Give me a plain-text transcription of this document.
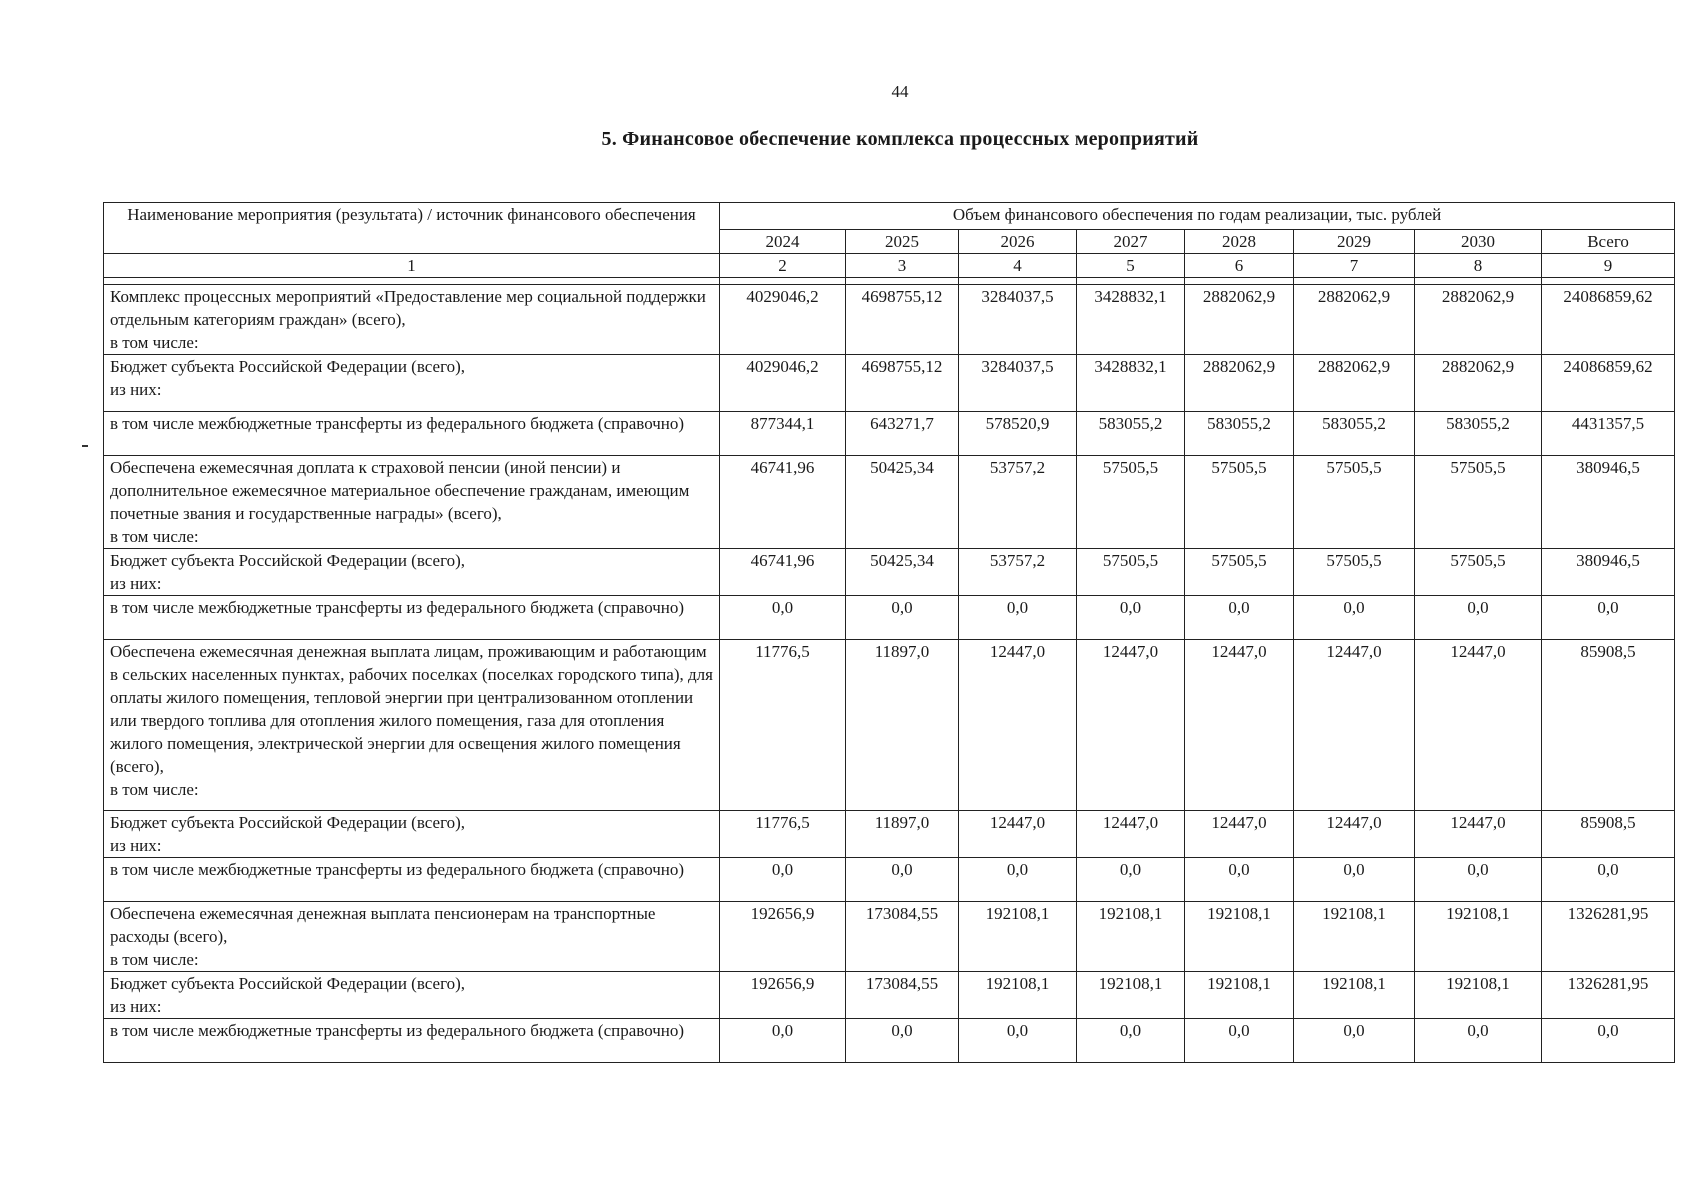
44
5. Финансовое обеспечение комплекса процессных мероприятий
Наименование мероприятия (результата) / источник финансового обеспечения	Объем финансового обеспечения по годам реализации, тыс. рублей							
	2024	2025	2026	2027	2028	2029	2030	Всего
1	2	3	4	5	6	7	8	9

Комплекс процессных мероприятий «Предоставление мер социальной поддержки отдельным категориям граждан» (всего),
в том числе:	4029046,2	4698755,12	3284037,5	3428832,1	2882062,9	2882062,9	2882062,9	24086859,62
Бюджет субъекта Российской Федерации (всего),
из них:	4029046,2	4698755,12	3284037,5	3428832,1	2882062,9	2882062,9	2882062,9	24086859,62
в том числе межбюджетные трансферты из федерального бюджета (справочно)	877344,1	643271,7	578520,9	583055,2	583055,2	583055,2	583055,2	4431357,5
Обеспечена ежемесячная доплата к страховой пенсии (иной пенсии) и дополнительное ежемесячное материальное обеспечение гражданам, имеющим почетные звания и государственные награды» (всего),
в том числе:	46741,96	50425,34	53757,2	57505,5	57505,5	57505,5	57505,5	380946,5
Бюджет субъекта Российской Федерации (всего),
из них:	46741,96	50425,34	53757,2	57505,5	57505,5	57505,5	57505,5	380946,5
в том числе межбюджетные трансферты из федерального бюджета (справочно)	0,0	0,0	0,0	0,0	0,0	0,0	0,0	0,0
Обеспечена ежемесячная денежная выплата лицам, проживающим и работающим в сельских населенных пунктах, рабочих поселках (поселках городского типа), для оплаты жилого помещения, тепловой энергии при централизованном отоплении или твердого топлива для отопления жилого помещения, газа для отопления жилого помещения, электрической энергии для освещения жилого помещения (всего),
в том числе:	11776,5	11897,0	12447,0	12447,0	12447,0	12447,0	12447,0	85908,5
Бюджет субъекта Российской Федерации (всего),
из них:	11776,5	11897,0	12447,0	12447,0	12447,0	12447,0	12447,0	85908,5
в том числе межбюджетные трансферты из федерального бюджета (справочно)	0,0	0,0	0,0	0,0	0,0	0,0	0,0	0,0
Обеспечена ежемесячная денежная выплата пенсионерам на транспортные расходы (всего),
в том числе:	192656,9	173084,55	192108,1	192108,1	192108,1	192108,1	192108,1	1326281,95
Бюджет субъекта Российской Федерации (всего),
из них:	192656,9	173084,55	192108,1	192108,1	192108,1	192108,1	192108,1	1326281,95
в том числе межбюджетные трансферты из федерального бюджета (справочно)	0,0	0,0	0,0	0,0	0,0	0,0	0,0	0,0
